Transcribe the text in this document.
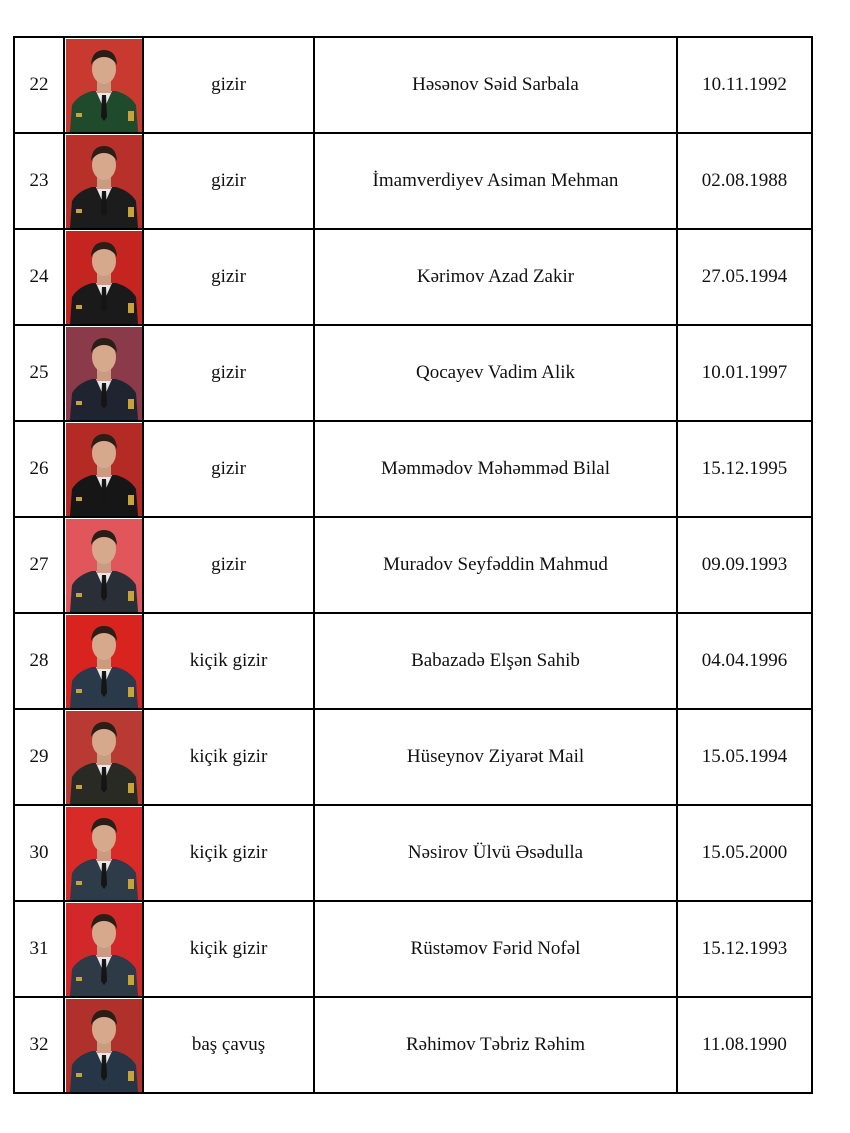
22		gizir	Həsənov Səid Sarbala	10.11.1992
23		gizir	İmamverdiyev Asiman Mehman	02.08.1988
24		gizir	Kərimov Azad Zakir	27.05.1994
25		gizir	Qocayev Vadim Alik	10.01.1997
26		gizir	Məmmədov Məhəmməd Bilal	15.12.1995
27		gizir	Muradov Seyfəddin Mahmud	09.09.1993
28		kiçik gizir	Babazadə Elşən Sahib	04.04.1996
29		kiçik gizir	Hüseynov Ziyarət Mail	15.05.1994
30		kiçik gizir	Nəsirov Ülvü Əsədulla	15.05.2000
31		kiçik gizir	Rüstəmov Fərid Nofəl	15.12.1993
32		baş çavuş	Rəhimov Təbriz Rəhim	11.08.1990
